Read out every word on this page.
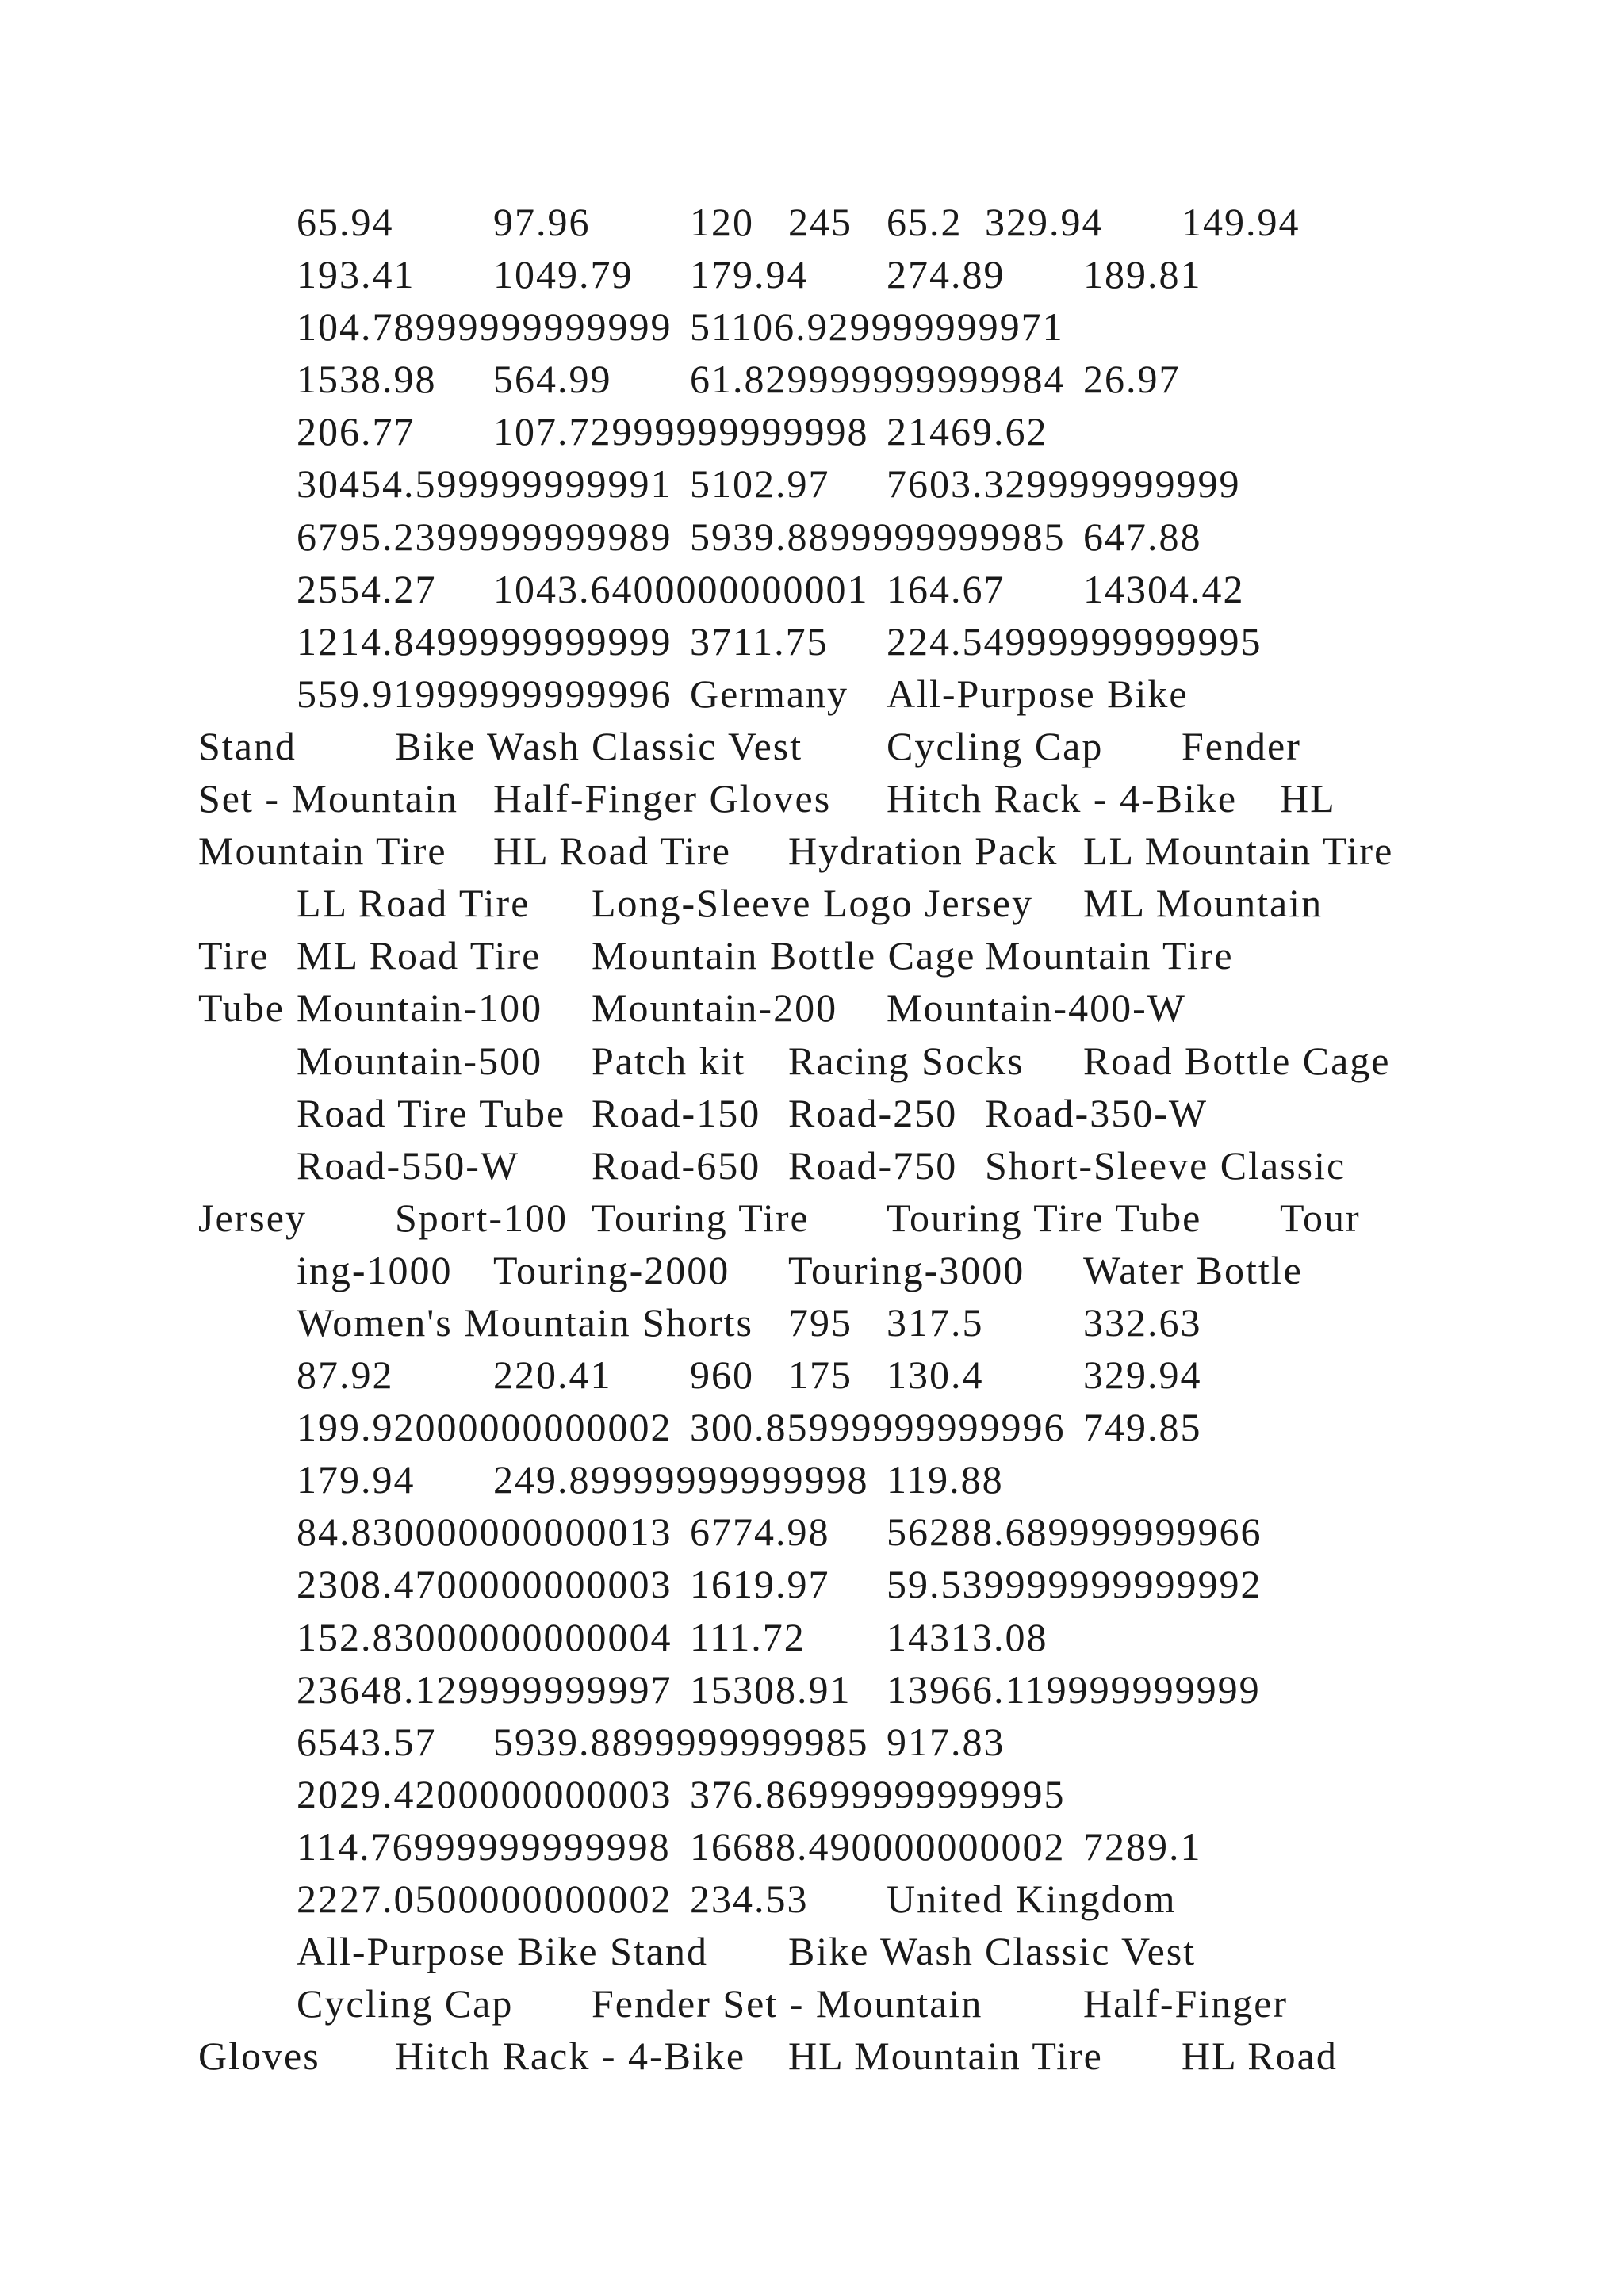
	65.94	97.96	120	245	65.2	329.94	149.94
	193.41	1049.79	179.94	274.89	189.81
	104.78999999999999	51106.929999999971
	1538.98	564.99	61.829999999999984	26.97
	206.77	107.72999999999998	21469.62
	30454.599999999991	5102.97	7603.329999999999
	6795.2399999999989	5939.8899999999985	647.88
	2554.27	1043.6400000000001	164.67	14304.42
	1214.8499999999999	3711.75	224.54999999999995
	559.91999999999996	Germany	All-Purpose Bike
Stand	Bike Wash	Classic Vest	Cycling Cap	Fender
Set - Mountain	Half-Finger Gloves	Hitch Rack - 4-Bike	HL
Mountain Tire	HL Road Tire	Hydration Pack	LL Mountain Tire
	LL Road Tire	Long-Sleeve Logo Jersey	ML Mountain
Tire	ML Road Tire	Mountain Bottle Cage	Mountain Tire
Tube	Mountain-100	Mountain-200	Mountain-400-W
	Mountain-500	Patch kit	Racing Socks	Road Bottle Cage
	Road Tire Tube	Road-150	Road-250	Road-350-W
	Road-550-W	Road-650	Road-750	Short-Sleeve Classic
Jersey	Sport-100	Touring Tire	Touring Tire Tube	Tour
	ing-1000	Touring-2000	Touring-3000	Water Bottle
	Women's Mountain Shorts	795	317.5	332.63
	87.92	220.41	960	175	130.4	329.94
	199.92000000000002	300.85999999999996	749.85
	179.94	249.89999999999998	119.88
	84.830000000000013	6774.98	56288.689999999966
	2308.4700000000003	1619.97	59.539999999999992
	152.83000000000004	111.72	14313.08
	23648.129999999997	15308.91	13966.119999999999
	6543.57	5939.8899999999985	917.83
	2029.4200000000003	376.86999999999995
	114.76999999999998	16688.490000000002	7289.1
	2227.0500000000002	234.53	United Kingdom
	All-Purpose Bike Stand	Bike Wash	Classic Vest
	Cycling Cap	Fender Set - Mountain	Half-Finger
Gloves	Hitch Rack - 4-Bike	HL Mountain Tire	HL Road
